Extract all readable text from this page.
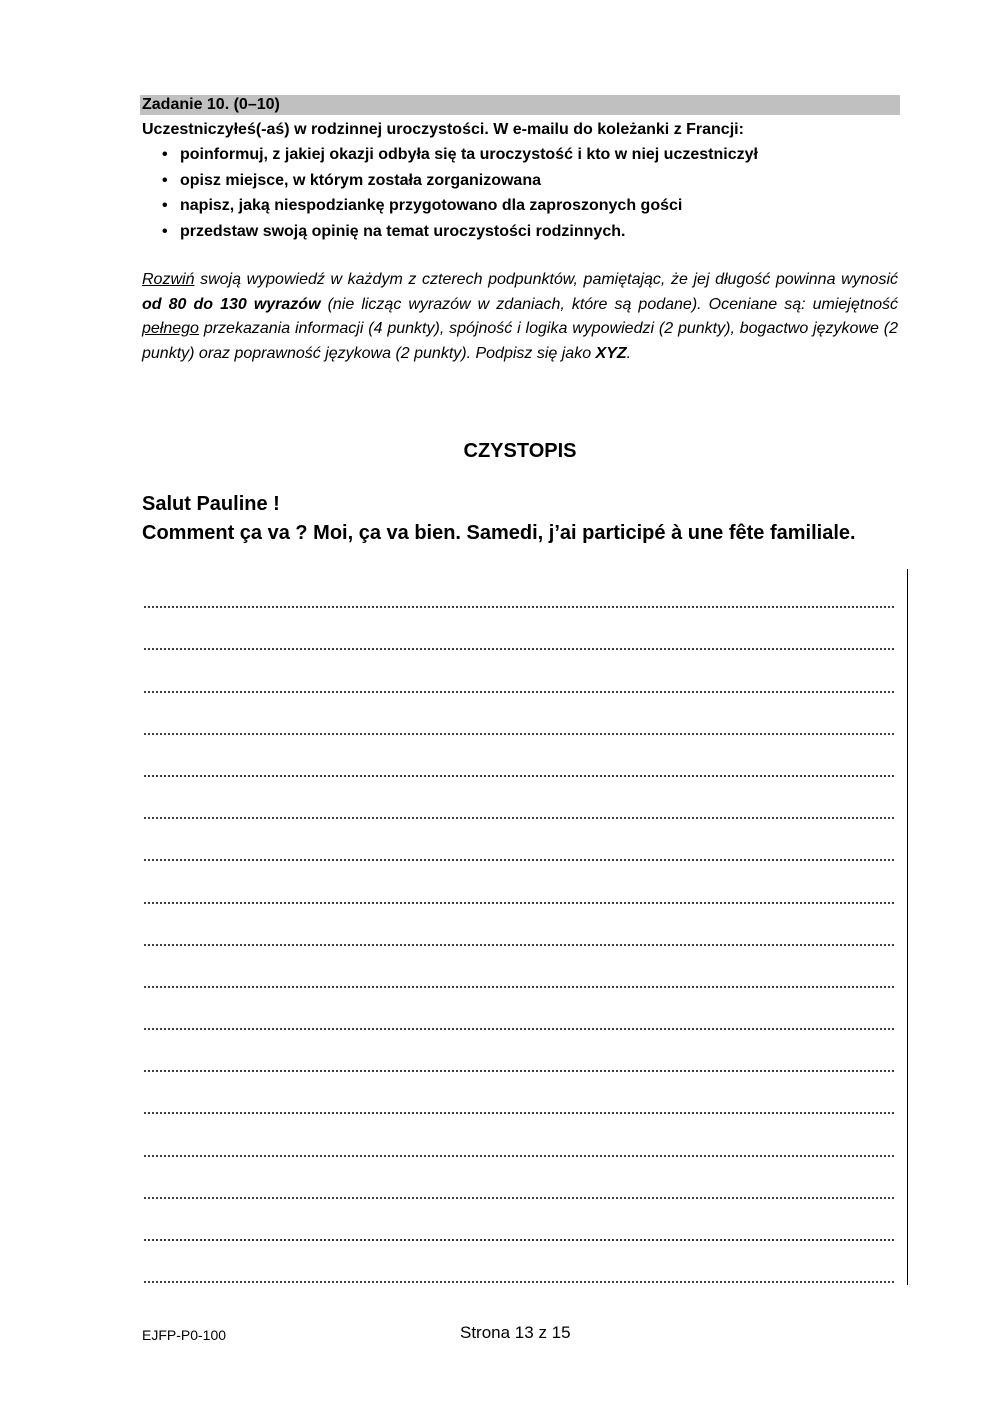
Zadanie 10. (0–10)
Uczestniczyłeś(-aś) w rodzinnej uroczystości. W e-mailu do koleżanki z Francji:
• poinformuj, z jakiej okazji odbyła się ta uroczystość i kto w niej uczestniczył
• opisz miejsce, w którym została zorganizowana
• napisz, jaką niespodziankę przygotowano dla zaproszonych gości
• przedstaw swoją opinię na temat uroczystości rodzinnych.
Rozwiń swoją wypowiedź w każdym z czterech podpunktów, pamiętając, że jej długość powinna wynosić od 80 do 130 wyrazów (nie licząc wyrazów w zdaniach, które są podane). Oceniane są: umiejętność pełnego przekazania informacji (4 punkty), spójność i logika wypowiedzi (2 punkty), bogactwo językowe (2 punkty) oraz poprawność językowa (2 punkty). Podpisz się jako XYZ.
CZYSTOPIS
Salut Pauline !
Comment ça va ? Moi, ça va bien. Samedi, j’ai participé à une fête familiale.
EJFP-P0-100	Strona 13 z 15
